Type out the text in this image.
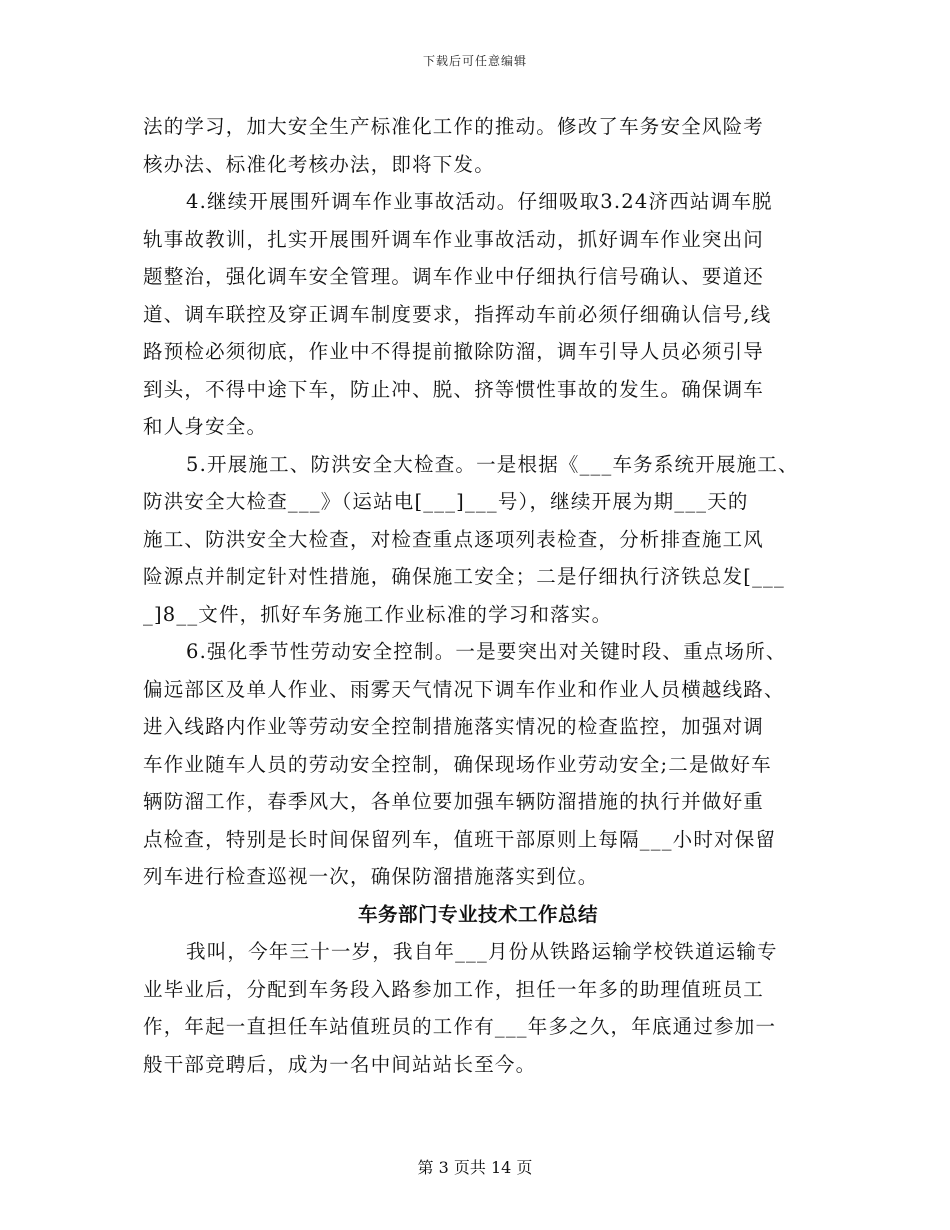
下载后可任意编辑
法的学习，加大安全生产标准化工作的推动。修改了车务安全风险考
核办法、标准化考核办法，即将下发。
4.继续开展围歼调车作业事故活动。仔细吸取3.24济西站调车脱
轨事故教训，扎实开展围歼调车作业事故活动，抓好调车作业突出问
题整治，强化调车安全管理。调车作业中仔细执行信号确认、要道还
道、调车联控及穿正调车制度要求，指挥动车前必须仔细确认信号,线
路预检必须彻底，作业中不得提前撤除防溜，调车引导人员必须引导
到头，不得中途下车，防止冲、脱、挤等惯性事故的发生。确保调车
和人身安全。
5.开展施工、防洪安全大检查。一是根据《___车务系统开展施工、
防洪安全大检查___》（运站电[___]___号），继续开展为期___天的
施工、防洪安全大检查，对检查重点逐项列表检查，分析排查施工风
险源点并制定针对性措施，确保施工安全；二是仔细执行济铁总发[___
_]8__文件，抓好车务施工作业标准的学习和落实。
6.强化季节性劳动安全控制。一是要突出对关键时段、重点场所、
偏远部区及单人作业、雨雾天气情况下调车作业和作业人员横越线路、
进入线路内作业等劳动安全控制措施落实情况的检查监控，加强对调
车作业随车人员的劳动安全控制，确保现场作业劳动安全;二是做好车
辆防溜工作，春季风大，各单位要加强车辆防溜措施的执行并做好重
点检查，特别是长时间保留列车，值班干部原则上每隔___小时对保留
列车进行检查巡视一次，确保防溜措施落实到位。
车务部门专业技术工作总结
我叫，今年三十一岁，我自年___月份从铁路运输学校铁道运输专
业毕业后，分配到车务段入路参加工作，担任一年多的助理值班员工
作，年起一直担任车站值班员的工作有___年多之久，年底通过参加一
般干部竞聘后，成为一名中间站站长至今。
第 3 页共 14 页
